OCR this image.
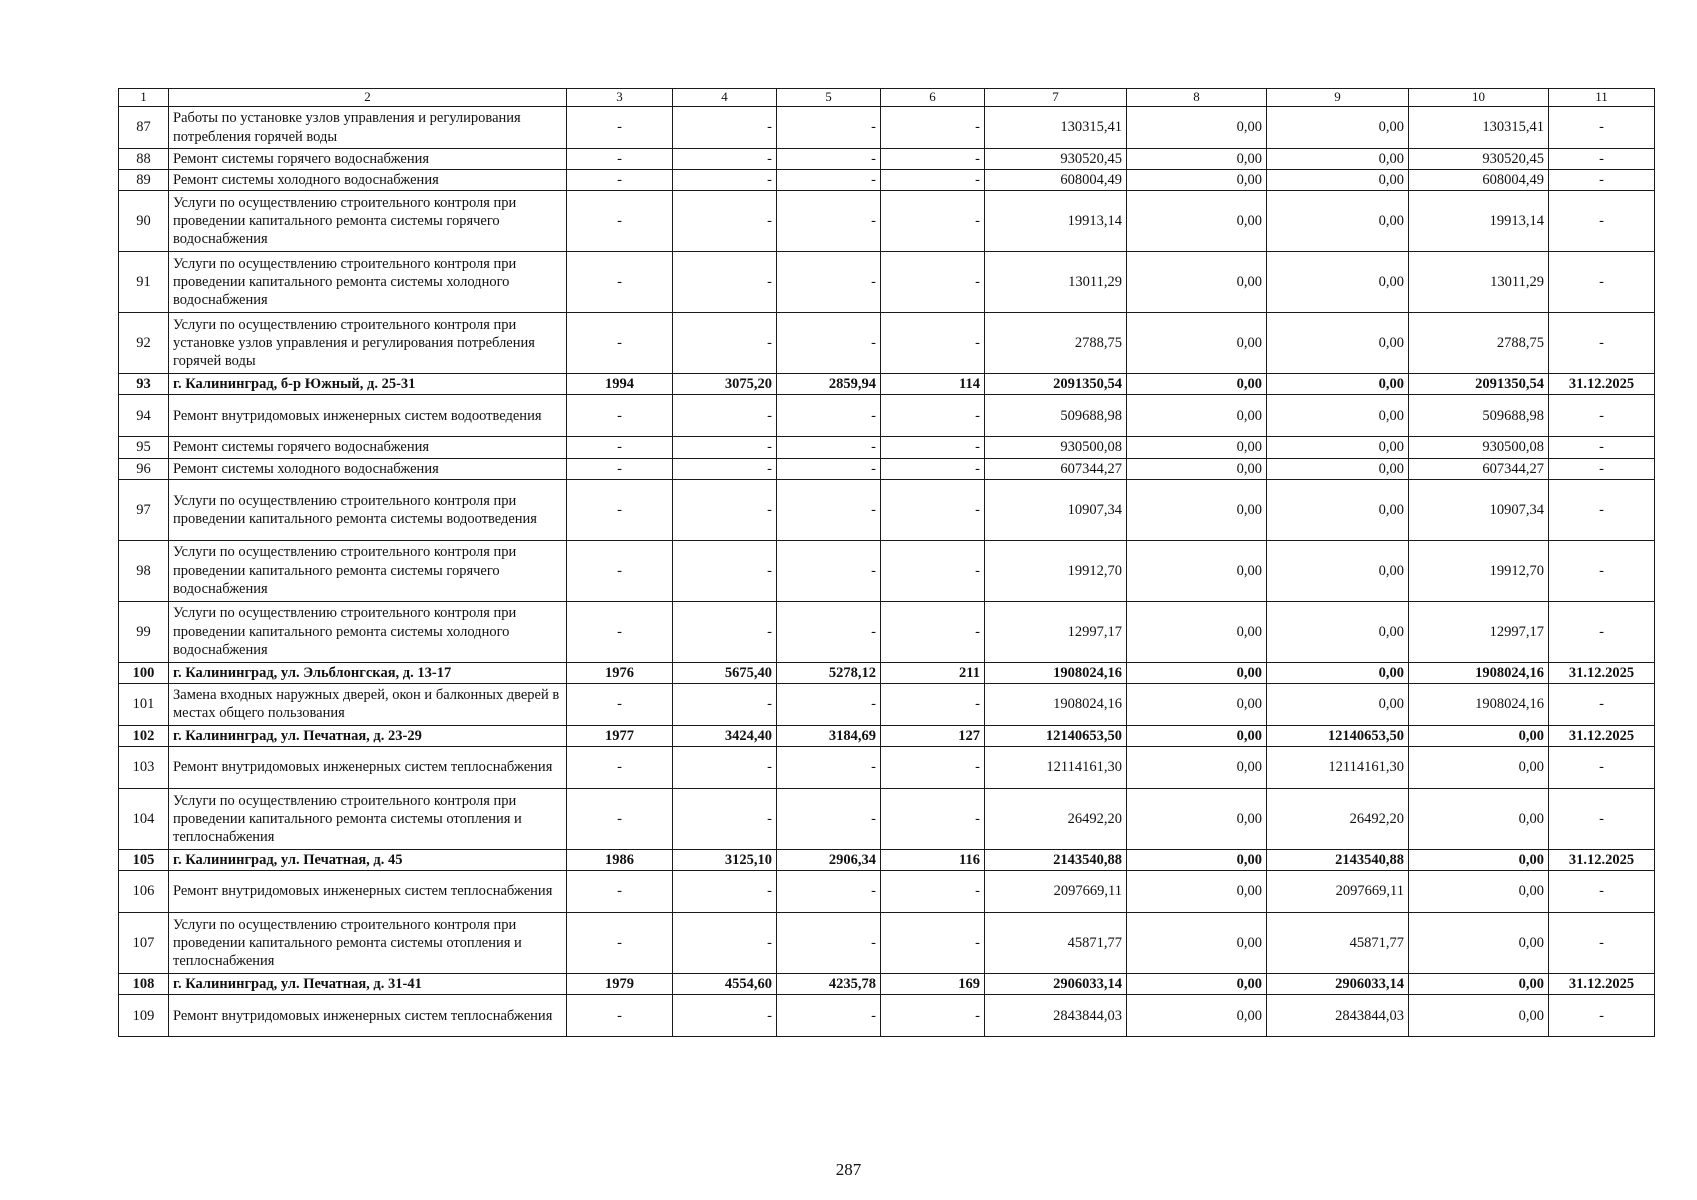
1	2	3	4	5	6	7	8	9	10	11
87	Работы по установке узлов управления и регулирования потребления горячей воды	-	-	-	-	130315,41	0,00	0,00	130315,41	-
88	Ремонт системы горячего водоснабжения	-	-	-	-	930520,45	0,00	0,00	930520,45	-
89	Ремонт системы холодного водоснабжения	-	-	-	-	608004,49	0,00	0,00	608004,49	-
90	Услуги по осуществлению строительного контроля при проведении капитального ремонта системы горячего водоснабжения	-	-	-	-	19913,14	0,00	0,00	19913,14	-
91	Услуги по осуществлению строительного контроля при проведении капитального ремонта системы холодного водоснабжения	-	-	-	-	13011,29	0,00	0,00	13011,29	-
92	Услуги по осуществлению строительного контроля при установке узлов управления и регулирования потребления горячей воды	-	-	-	-	2788,75	0,00	0,00	2788,75	-
93	г. Калининград, б-р Южный, д. 25-31	1994	3075,20	2859,94	114	2091350,54	0,00	0,00	2091350,54	31.12.2025
94	Ремонт внутридомовых инженерных систем водоотведения	-	-	-	-	509688,98	0,00	0,00	509688,98	-
95	Ремонт системы горячего водоснабжения	-	-	-	-	930500,08	0,00	0,00	930500,08	-
96	Ремонт системы холодного водоснабжения	-	-	-	-	607344,27	0,00	0,00	607344,27	-
97	Услуги по осуществлению строительного контроля при проведении капитального ремонта системы водоотведения	-	-	-	-	10907,34	0,00	0,00	10907,34	-
98	Услуги по осуществлению строительного контроля при проведении капитального ремонта системы горячего водоснабжения	-	-	-	-	19912,70	0,00	0,00	19912,70	-
99	Услуги по осуществлению строительного контроля при проведении капитального ремонта системы холодного водоснабжения	-	-	-	-	12997,17	0,00	0,00	12997,17	-
100	г. Калининград, ул. Эльблонгская, д. 13-17	1976	5675,40	5278,12	211	1908024,16	0,00	0,00	1908024,16	31.12.2025
101	Замена входных наружных дверей, окон и балконных дверей в местах общего пользования	-	-	-	-	1908024,16	0,00	0,00	1908024,16	-
102	г. Калининград, ул. Печатная, д. 23-29	1977	3424,40	3184,69	127	12140653,50	0,00	12140653,50	0,00	31.12.2025
103	Ремонт внутридомовых инженерных систем теплоснабжения	-	-	-	-	12114161,30	0,00	12114161,30	0,00	-
104	Услуги по осуществлению строительного контроля при проведении капитального ремонта системы отопления и теплоснабжения	-	-	-	-	26492,20	0,00	26492,20	0,00	-
105	г. Калининград, ул. Печатная, д. 45	1986	3125,10	2906,34	116	2143540,88	0,00	2143540,88	0,00	31.12.2025
106	Ремонт внутридомовых инженерных систем теплоснабжения	-	-	-	-	2097669,11	0,00	2097669,11	0,00	-
107	Услуги по осуществлению строительного контроля при проведении капитального ремонта системы отопления и теплоснабжения	-	-	-	-	45871,77	0,00	45871,77	0,00	-
108	г. Калининград, ул. Печатная, д. 31-41	1979	4554,60	4235,78	169	2906033,14	0,00	2906033,14	0,00	31.12.2025
109	Ремонт внутридомовых инженерных систем теплоснабжения	-	-	-	-	2843844,03	0,00	2843844,03	0,00	-
287
